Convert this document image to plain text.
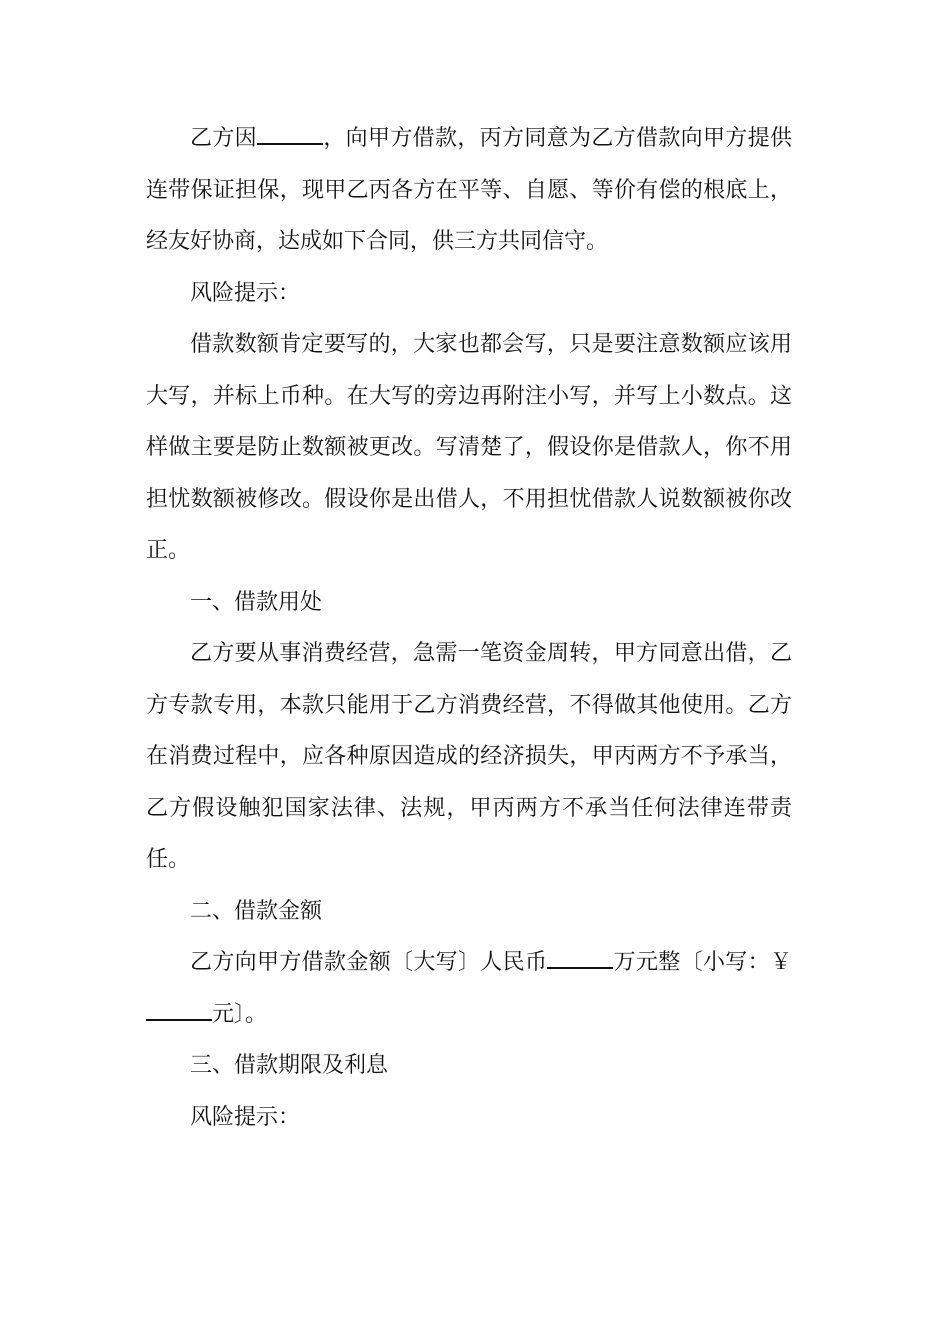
乙方因	，向甲方借款，丙方同意为乙方借款向甲方提供连带保证担保，现甲乙丙各方在平等、自愿、等价有偿的根底上，经友好协商，达成如下合同，供三方共同信守。

风险提示：

借款数额肯定要写的，大家也都会写，只是要注意数额应该用大写，并标上币种。在大写的旁边再附注小写，并写上小数点。这样做主要是防止数额被更改。写清楚了，假设你是借款人，你不用担忧数额被修改。假设你是出借人，不用担忧借款人说数额被你改正。

一、借款用处

乙方要从事消费经营，急需一笔资金周转，甲方同意出借，乙方专款专用，本款只能用于乙方消费经营，不得做其他使用。乙方在消费过程中，应各种原因造成的经济损失，甲丙两方不予承当，乙方假设触犯国家法律、法规，甲丙两方不承当任何法律连带责任。

二、借款金额

乙方向甲方借款金额〔大写〕人民币	万元整〔小写：￥元〕。

三、借款期限及利息

风险提示：
